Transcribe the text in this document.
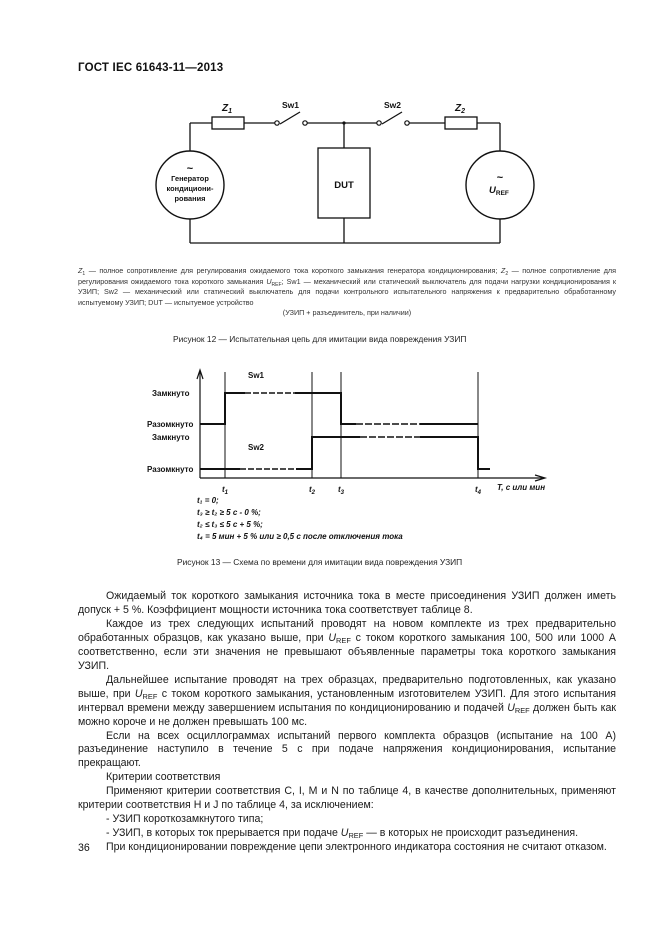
ГОСТ IEC 61643-11—2013
$Z_1$	$Z_2$
Sw1	Sw2
DUT
~
Генератор
кондициони-
рования
~
$U_{REF}$
$Z_1$ — полное сопротивление для регулирования ожидаемого тока короткого замыкания генератора кондиционирования; $Z_2$ — полное сопротивление для регулирования ожидаемого тока короткого замыкания $U_{REF}$; Sw1 — механический или статический выключатель для подачи нагрузки кондиционирования к УЗИП; Sw2 — механический или статический выключатель для подачи контрольного испытательного напряжения к предварительно обработанному испытуемому УЗИП; DUT — испытуемое устройство
(УЗИП + разъединитель, при наличии)
Рисунок 12 — Испытательная цепь для имитации вида повреждения УЗИП
Замкнуто
Разомкнуто
Замкнуто
Разомкнуто
Sw1
Sw2
$t_1$	$t_2$	$t_3$	$t_4$
T, с или мин
t₁ = 0;
t₃ ≥ t₂ ≥ 5 с - 0 %;
t₂ ≤ t₃ ≤ 5 с + 5 %;
t₄ = 5 мин + 5 % или ≥ 0,5 с после отключения тока
Рисунок 13 — Схема по времени для имитации вида повреждения УЗИП

Ожидаемый ток короткого замыкания источника тока в месте присоединения УЗИП должен иметь допуск + 5 %. Коэффициент мощности источника тока соответствует таблице 8.

Каждое из трех следующих испытаний проводят на новом комплекте из трех предварительно обработанных образцов, как указано выше, при $U_{REF}$ с током короткого замыкания 100, 500 или 1000 А соответственно, если эти значения не превышают объявленные параметры тока короткого замыкания УЗИП.

Дальнейшее испытание проводят на трех образцах, предварительно подготовленных, как указано выше, при $U_{REF}$ с током короткого замыкания, установленным изготовителем УЗИП. Для этого испытания интервал времени между завершением испытания по кондиционированию и подачей $U_{REF}$ должен быть как можно короче и не должен превышать 100 мс.

Если на всех осциллограммах испытаний первого комплекта образцов (испытание на 100 А) разъединение наступило в течение 5 с при подаче напряжения кондиционирования, испытание прекращают.

Критерии соответствия

Применяют критерии соответствия С, I, М и N по таблице 4, в качестве дополнительных, применяют критерии соответствия Н и J по таблице 4, за исключением:

- УЗИП короткозамкнутого типа;

- УЗИП, в которых ток прерывается при подаче $U_{REF}$ — в которых не происходит разъединения.

При кондиционировании повреждение цепи электронного индикатора состояния не считают отказом.

36
